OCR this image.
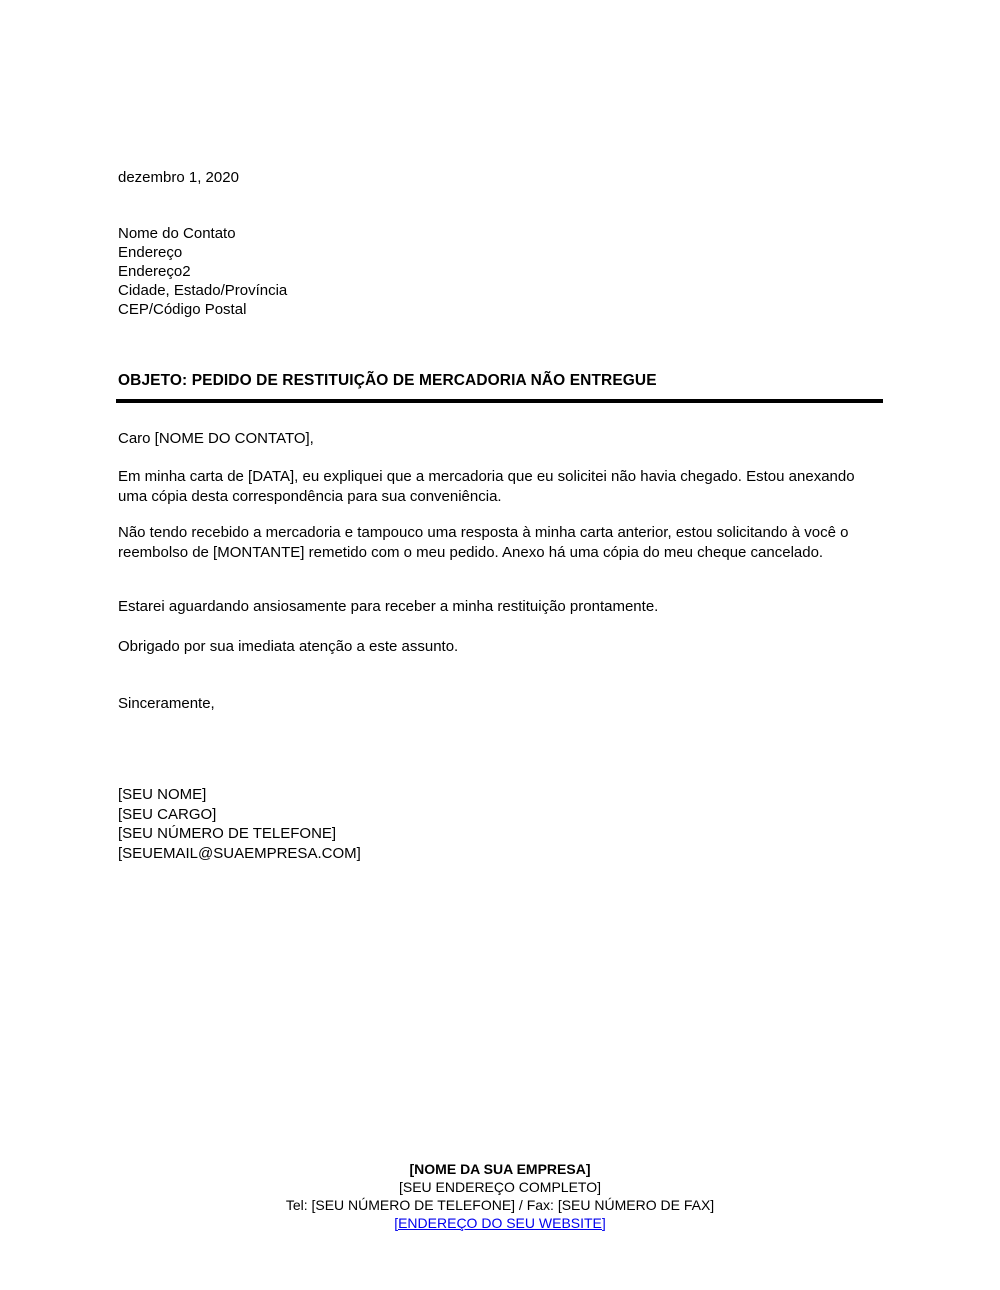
dezembro 1, 2020
Nome do Contato
Endereço
Endereço2
Cidade, Estado/Província
CEP/Código Postal
OBJETO: PEDIDO DE RESTITUIÇÃO DE MERCADORIA NÃO ENTREGUE
Caro [NOME DO CONTATO],
Em minha carta de [DATA], eu expliquei que a mercadoria que eu solicitei não havia chegado. Estou anexando uma cópia desta correspondência para sua conveniência.
Não tendo recebido a mercadoria e tampouco uma resposta à minha carta anterior, estou solicitando à você o reembolso de [MONTANTE] remetido com o meu pedido. Anexo há uma cópia do meu cheque cancelado.
Estarei aguardando ansiosamente para receber a minha restituição prontamente.
Obrigado por sua imediata atenção a este assunto.
Sinceramente,
[SEU NOME]
[SEU CARGO]
[SEU NÚMERO DE TELEFONE]
[SEUEMAIL@SUAEMPRESA.COM]
[NOME DA SUA EMPRESA]
[SEU ENDEREÇO COMPLETO]
Tel: [SEU NÚMERO DE TELEFONE] / Fax: [SEU NÚMERO DE FAX]
[ENDEREÇO DO SEU WEBSITE]
